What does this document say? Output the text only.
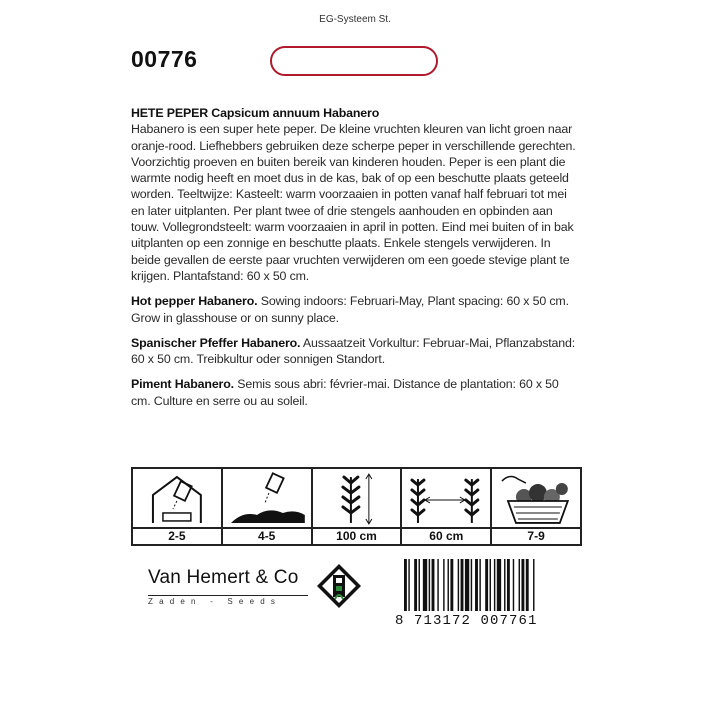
EG-Systeem St.
00776

HETE PEPER Capsicum annuum Habanero
Habanero is een super hete peper. De kleine vruchten kleuren van licht groen naar oranje-rood. Liefhebbers gebruiken deze scherpe peper in verschillende gerechten. Voorzichtig proeven en buiten bereik van kinderen houden. Peper is een plant die warmte nodig heeft en moet dus in de kas, bak of op een beschutte plaats geteeld worden. Teeltwijze: Kasteelt: warm voorzaaien in potten vanaf half februari tot mei en later uitplanten. Per plant twee of drie stengels aanhouden en opbinden aan touw. Vollegrondsteelt: warm voorzaaien in april in potten. Eind mei buiten of in bak uitplanten op een zonnige en beschutte plaats. Enkele stengels verwijderen. In beide gevallen de eerste paar vruchten verwijderen om een goede stevige plant te krijgen. Plantafstand: 60 x 50 cm.

Hot pepper Habanero. Sowing indoors: Februari-May, Plant spacing: 60 x 50 cm. Grow in glasshouse or on sunny place.

Spanischer Pfeffer Habanero. Aussaatzeit Vorkultur: Februar-Mai, Pflanzabstand: 60 x 50 cm. Treibkultur oder sonnigen Standort.

Piment Habanero. Semis sous abri: février-mai. Distance de plantation: 60 x 50 cm. Culture en serre ou au soleil.

2-5	4-5	100 cm	60 cm	7-9
Van Hemert & Co
Zaden - Seeds
8 713172 007761
